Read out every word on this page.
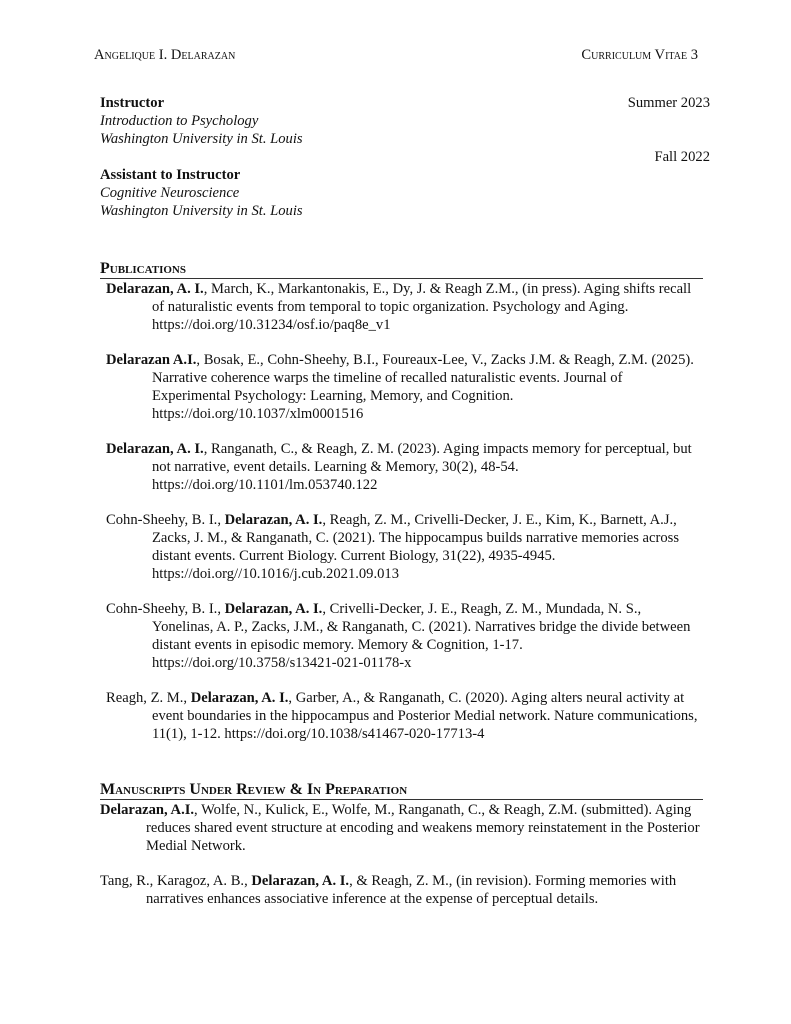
Angelique I. Delarazan	Curriculum Vitae 3
Instructor	Summer 2023
Introduction to Psychology
Washington University in St. Louis
Fall 2022
Assistant to Instructor
Cognitive Neuroscience
Washington University in St. Louis
Publications

Delarazan, A. I., March, K., Markantonakis, E., Dy, J. & Reagh Z.M., (in press). Aging shifts recall of naturalistic events from temporal to topic organization. Psychology and Aging. https://doi.org/10.31234/osf.io/paq8e_v1

Delarazan A.I., Bosak, E., Cohn-Sheehy, B.I., Foureaux-Lee, V., Zacks J.M. & Reagh, Z.M. (2025). Narrative coherence warps the timeline of recalled naturalistic events. Journal of Experimental Psychology: Learning, Memory, and Cognition. https://doi.org/10.1037/xlm0001516

Delarazan, A. I., Ranganath, C., & Reagh, Z. M. (2023). Aging impacts memory for perceptual, but not narrative, event details. Learning & Memory, 30(2), 48-54. https://doi.org/10.1101/lm.053740.122

Cohn-Sheehy, B. I., Delarazan, A. I., Reagh, Z. M., Crivelli-Decker, J. E., Kim, K., Barnett, A.J., Zacks, J. M., & Ranganath, C. (2021). The hippocampus builds narrative memories across distant events. Current Biology. Current Biology, 31(22), 4935-4945. https://doi.org//10.1016/j.cub.2021.09.013

Cohn-Sheehy, B. I., Delarazan, A. I., Crivelli-Decker, J. E., Reagh, Z. M., Mundada, N. S., Yonelinas, A. P., Zacks, J.M., & Ranganath, C. (2021). Narratives bridge the divide between distant events in episodic memory. Memory & Cognition, 1-17. https://doi.org/10.3758/s13421-021-01178-x

Reagh, Z. M., Delarazan, A. I., Garber, A., & Ranganath, C. (2020). Aging alters neural activity at event boundaries in the hippocampus and Posterior Medial network. Nature communications, 11(1), 1-12. https://doi.org/10.1038/s41467-020-17713-4

Manuscripts Under Review & In Preparation

Delarazan, A.I., Wolfe, N., Kulick, E., Wolfe, M., Ranganath, C., & Reagh, Z.M. (submitted). Aging reduces shared event structure at encoding and weakens memory reinstatement in the Posterior Medial Network.

Tang, R., Karagoz, A. B., Delarazan, A. I., & Reagh, Z. M., (in revision). Forming memories with narratives enhances associative inference at the expense of perceptual details.
